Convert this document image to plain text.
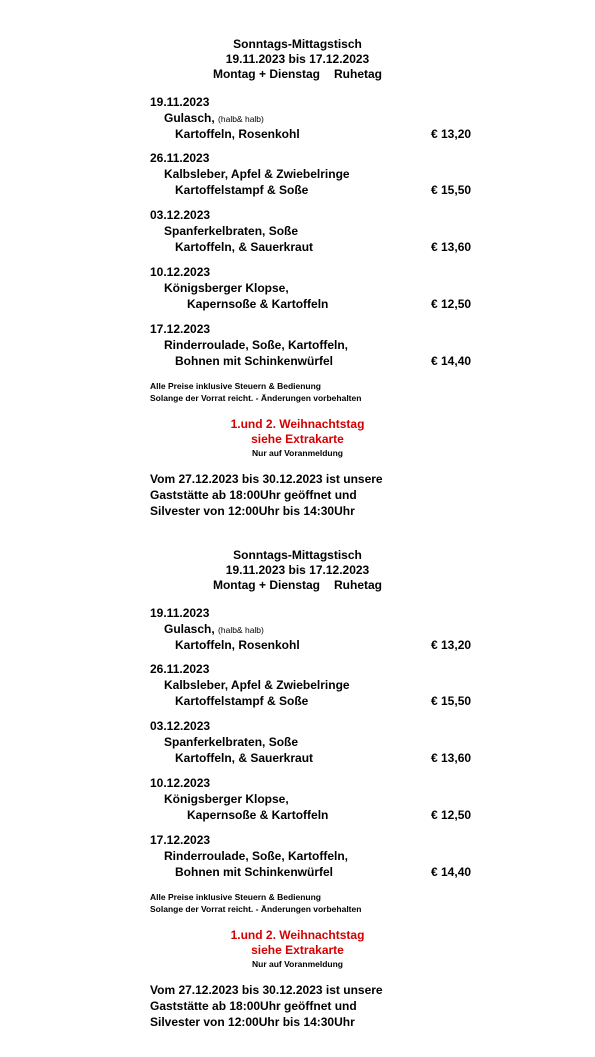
Sonntags-Mittagstisch
19.11.2023 bis 17.12.2023
Montag + Dienstag Ruhetag
19.11.2023
Gulasch, (halb& halb)
Kartoffeln, Rosenkohl	€ 13,20
26.11.2023
Kalbsleber, Apfel & Zwiebelringe
Kartoffelstampf & Soße	€ 15,50
03.12.2023
Spanferkelbraten, Soße
Kartoffeln, & Sauerkraut	€ 13,60
10.12.2023
Königsberger Klopse,
Kapernsoße & Kartoffeln	€ 12,50
17.12.2023
Rinderroulade, Soße, Kartoffeln,
Bohnen mit Schinkenwürfel	€ 14,40
Alle Preise inklusive Steuern & Bedienung
Solange der Vorrat reicht. - Änderungen vorbehalten
1.und 2. Weihnachtstag
siehe Extrakarte
Nur auf Voranmeldung
Vom 27.12.2023 bis 30.12.2023 ist unsere
Gaststätte ab 18:00Uhr geöffnet und
Silvester von 12:00Uhr bis 14:30Uhr
Sonntags-Mittagstisch
19.11.2023 bis 17.12.2023
Montag + Dienstag Ruhetag
19.11.2023
Gulasch, (halb& halb)
Kartoffeln, Rosenkohl	€ 13,20
26.11.2023
Kalbsleber, Apfel & Zwiebelringe
Kartoffelstampf & Soße	€ 15,50
03.12.2023
Spanferkelbraten, Soße
Kartoffeln, & Sauerkraut	€ 13,60
10.12.2023
Königsberger Klopse,
Kapernsoße & Kartoffeln	€ 12,50
17.12.2023
Rinderroulade, Soße, Kartoffeln,
Bohnen mit Schinkenwürfel	€ 14,40
Alle Preise inklusive Steuern & Bedienung
Solange der Vorrat reicht. - Änderungen vorbehalten
1.und 2. Weihnachtstag
siehe Extrakarte
Nur auf Voranmeldung
Vom 27.12.2023 bis 30.12.2023 ist unsere
Gaststätte ab 18:00Uhr geöffnet und
Silvester von 12:00Uhr bis 14:30Uhr
